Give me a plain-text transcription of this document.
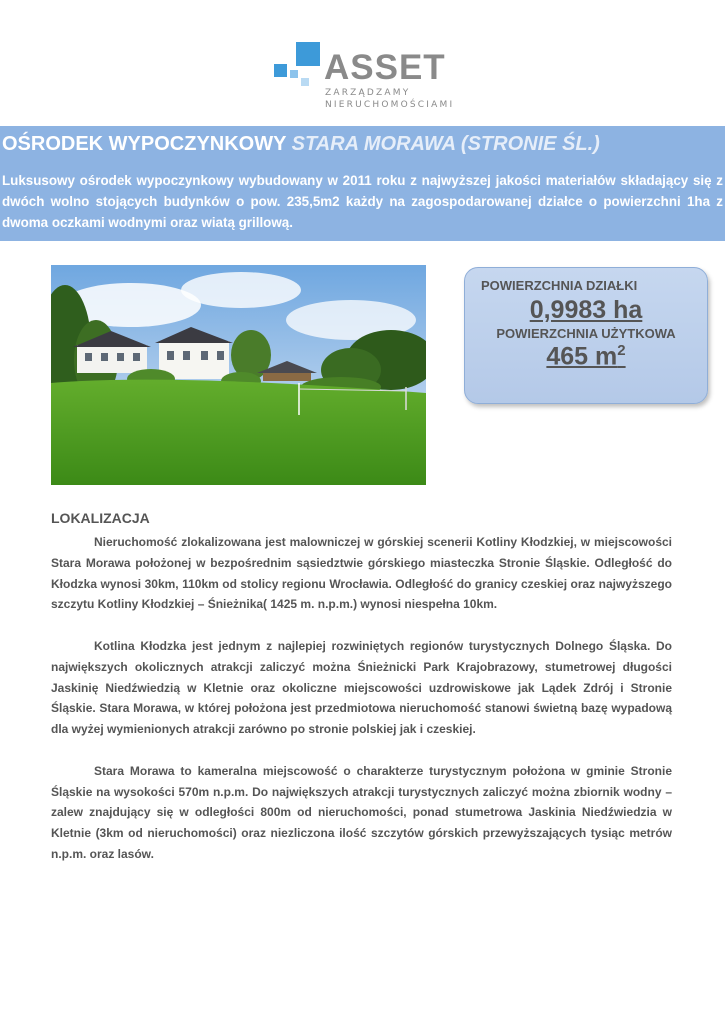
ASSET
ZARZĄDZAMY
NIERUCHOMOŚCIAMI
OŚRODEK WYPOCZYNKOWY STARA MORAWA (STRONIE ŚL.)

Luksusowy ośrodek wypoczynkowy wybudowany w 2011 roku z najwyższej jakości materiałów składający się z dwóch wolno stojących budynków o pow. 235,5m2 każdy na zagospodarowanej działce o powierzchni 1ha z dwoma oczkami wodnymi oraz wiatą grillową.

POWIERZCHNIA DZIAŁKI
0,9983 ha
POWIERZCHNIA UŻYTKOWA
465 $m^2$
LOKALIZACJA

Nieruchomość zlokalizowana jest malowniczej w górskiej scenerii Kotliny Kłodzkiej, w miejscowości Stara Morawa położonej w bezpośrednim sąsiedztwie górskiego miasteczka Stronie Śląskie. Odległość do Kłodzka wynosi 30km, 110km od stolicy regionu Wrocławia. Odległość do granicy czeskiej oraz najwyższego szczytu Kotliny Kłodzkiej – Śnieżnika( 1425 m. n.p.m.) wynosi niespełna 10km.

Kotlina Kłodzka jest jednym z najlepiej rozwiniętych regionów turystycznych Dolnego Śląska. Do największych okolicznych atrakcji zaliczyć można Śnieżnicki Park Krajobrazowy, stumetrowej długości Jaskinię Niedźwiedzią w Kletnie oraz okoliczne miejscowości uzdrowiskowe jak Lądek Zdrój i Stronie Śląskie. Stara Morawa, w której położona jest przedmiotowa nieruchomość stanowi świetną bazę wypadową dla wyżej wymienionych atrakcji zarówno po stronie polskiej jak i czeskiej.

Stara Morawa to kameralna miejscowość o charakterze turystycznym położona w gminie Stronie Śląskie na wysokości 570m n.p.m. Do największych atrakcji turystycznych zaliczyć można zbiornik wodny – zalew znajdujący się w odległości 800m od nieruchomości, ponad stumetrowa Jaskinia Niedźwiedzia w Kletnie (3km od nieruchomości) oraz niezliczona ilość szczytów górskich przewyższających tysiąc metrów n.p.m. oraz lasów.
